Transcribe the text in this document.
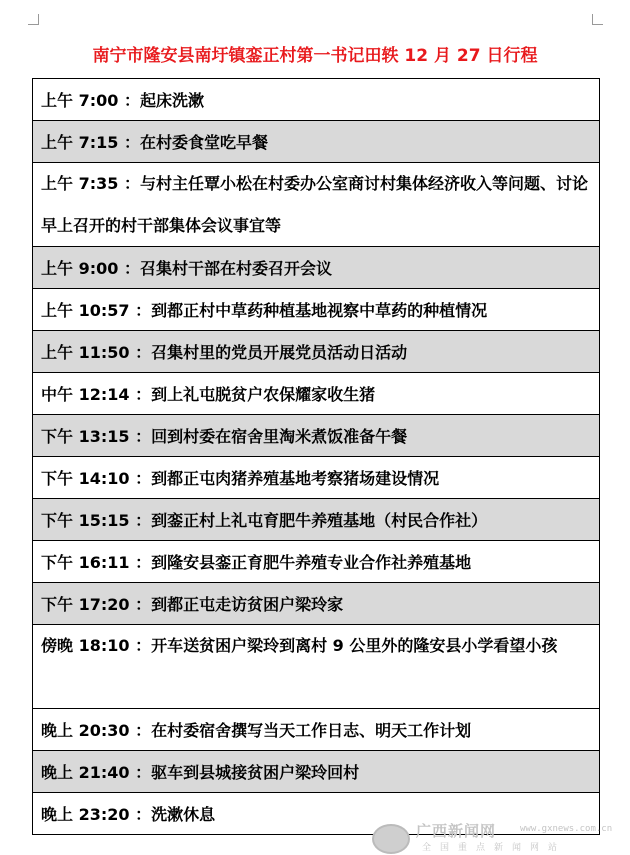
南宁市隆安县南圩镇銮正村第一书记田轶 12 月 27 日行程
上午 7:00 ：起床洗漱
上午 7:15 ：在村委食堂吃早餐
上午 7:35 ：与村主任覃小松在村委办公室商讨村集体经济收入等问题、讨论早上召开的村干部集体会议事宜等
上午 9:00 ：召集村干部在村委召开会议
上午 10:57 ：到都正村中草药种植基地视察中草药的种植情况
上午 11:50 ：召集村里的党员开展党员活动日活动
中午 12:14 ：到上礼屯脱贫户农保耀家收生猪
下午 13:15 ：回到村委在宿舍里淘米煮饭准备午餐
下午 14:10 ：到都正屯肉猪养殖基地考察猪场建设情况
下午 15:15 ：到銮正村上礼屯育肥牛养殖基地（村民合作社）
下午 16:11 ：到隆安县銮正育肥牛养殖专业合作社养殖基地
下午 17:20 ：到都正屯走访贫困户梁玲家
傍晚 18:10 ：开车送贫困户梁玲到离村 9 公里外的隆安县小学看望小孩
晚上 20:30 ：在村委宿舍撰写当天工作日志、明天工作计划
晚上 21:40 ：驱车到县城接贫困户梁玲回村
晚上 23:20 ：洗漱休息
广西新闻网	www.gxnews.com.cn
全国重点新闻网站
